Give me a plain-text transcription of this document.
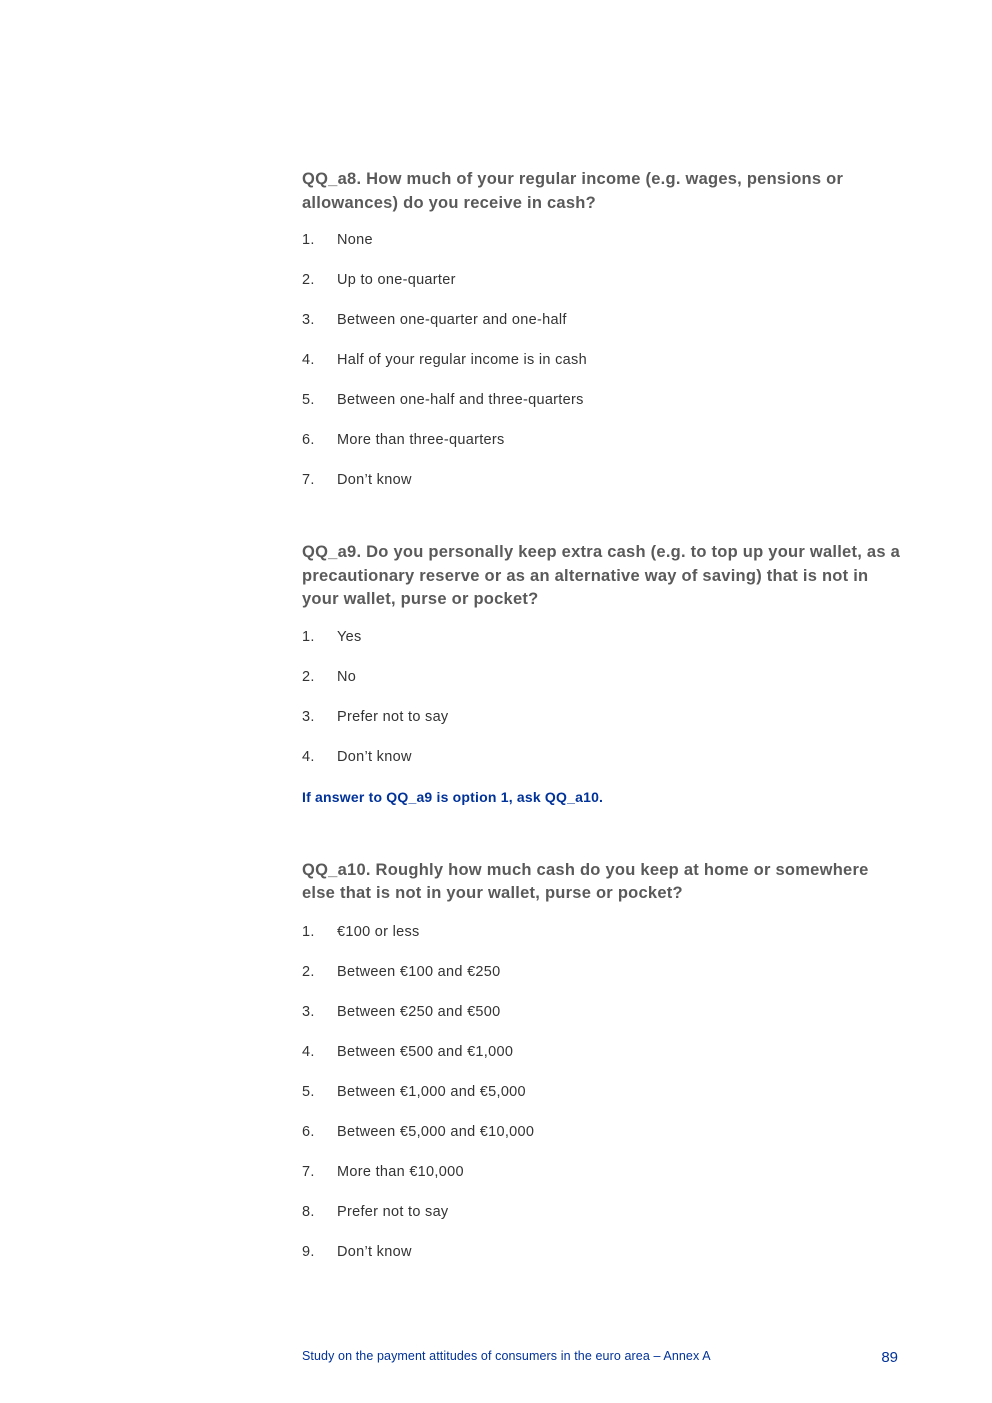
QQ_a8. How much of your regular income (e.g. wages, pensions or allowances) do you receive in cash?

1.	None
2.	Up to one-quarter
3.	Between one-quarter and one-half
4.	Half of your regular income is in cash
5.	Between one-half and three-quarters
6.	More than three-quarters
7.	Don’t know

QQ_a9. Do you personally keep extra cash (e.g. to top up your wallet, as a precautionary reserve or as an alternative way of saving) that is not in your wallet, purse or pocket?

1.	Yes
2.	No
3.	Prefer not to say
4.	Don’t know

If answer to QQ_a9 is option 1, ask QQ_a10.

QQ_a10. Roughly how much cash do you keep at home or somewhere else that is not in your wallet, purse or pocket?

1.	€100 or less
2.	Between €100 and €250
3.	Between €250 and €500
4.	Between €500 and €1,000
5.	Between €1,000 and €5,000
6.	Between €5,000 and €10,000
7.	More than €10,000
8.	Prefer not to say
9.	Don’t know
Study on the payment attitudes of consumers in the euro area – Annex A	89
